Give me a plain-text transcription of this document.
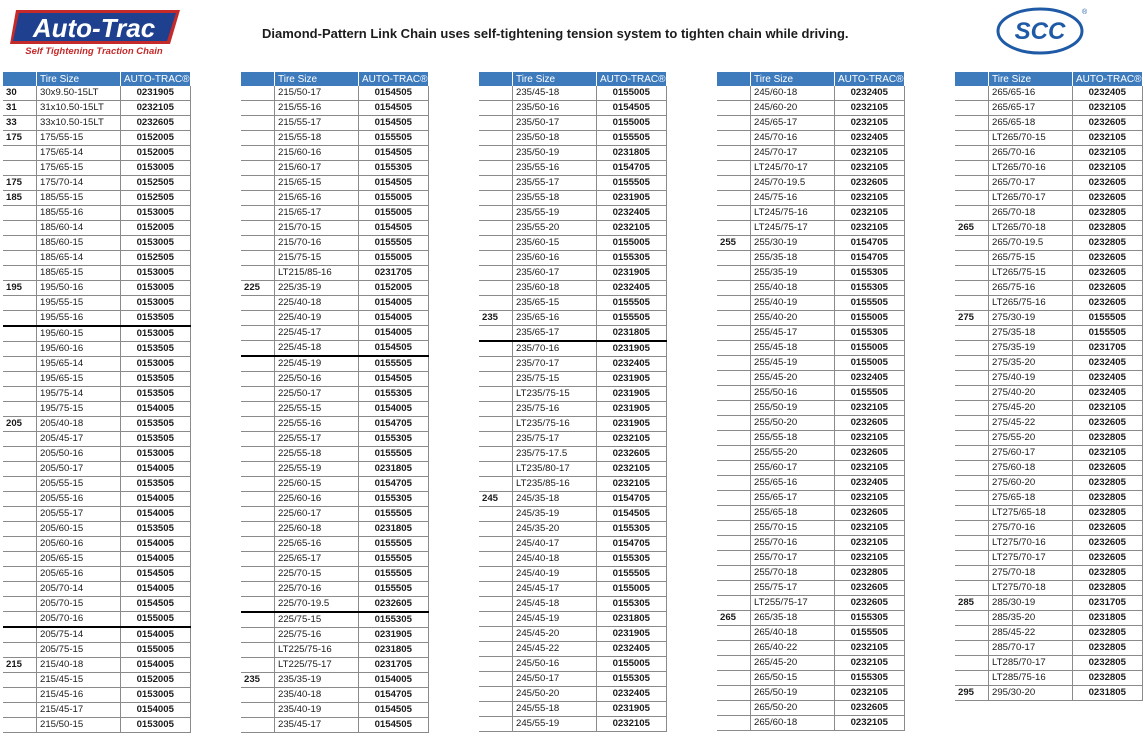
Auto-Trac
Self Tightening Traction Chain
Diamond-Pattern Link Chain uses self-tightening tension system to tighten chain while driving.	SCC
®
	Tire Size	AUTO-TRAC®
30	30x9.50-15LT	0231905
31	31x10.50-15LT	0232105
33	33x10.50-15LT	0232605
175	175/55-15	0152005
	175/65-14	0152005
	175/65-15	0153005
175	175/70-14	0152505
185	185/55-15	0152505
	185/55-16	0153005
	185/60-14	0152005
	185/60-15	0153005
	185/65-14	0152505
	185/65-15	0153005
195	195/50-16	0153005
	195/55-15	0153005
	195/55-16	0153505
	195/60-15	0153005
	195/60-16	0153505
	195/65-14	0153005
	195/65-15	0153505
	195/75-14	0153505
	195/75-15	0154005
205	205/40-18	0153505
	205/45-17	0153505
	205/50-16	0153005
	205/50-17	0154005
	205/55-15	0153505
	205/55-16	0154005
	205/55-17	0154005
	205/60-15	0153505
	205/60-16	0154005
	205/65-15	0154005
	205/65-16	0154505
	205/70-14	0154005
	205/70-15	0154505
	205/70-16	0155005
	205/75-14	0154005
	205/75-15	0155005
215	215/40-18	0154005
	215/45-15	0152005
	215/45-16	0153005
	215/45-17	0154005
	215/50-15	0153005
	Tire Size	AUTO-TRAC®
	215/50-17	0154505
	215/55-16	0154505
	215/55-17	0154505
	215/55-18	0155505
	215/60-16	0154505
	215/60-17	0155305
	215/65-15	0154505
	215/65-16	0155005
	215/65-17	0155005
	215/70-15	0154505
	215/70-16	0155505
	215/75-15	0155005
	LT215/85-16	0231705
225	225/35-19	0152005
	225/40-18	0154005
	225/40-19	0154005
	225/45-17	0154005
	225/45-18	0154505
	225/45-19	0155505
	225/50-16	0154505
	225/50-17	0155305
	225/55-15	0154005
	225/55-16	0154705
	225/55-17	0155305
	225/55-18	0155505
	225/55-19	0231805
	225/60-15	0154705
	225/60-16	0155305
	225/60-17	0155505
	225/60-18	0231805
	225/65-16	0155505
	225/65-17	0155505
	225/70-15	0155505
	225/70-16	0155505
	225/70-19.5	0232605
	225/75-15	0155305
	225/75-16	0231905
	LT225/75-16	0231805
	LT225/75-17	0231705
235	235/35-19	0154005
	235/40-18	0154705
	235/40-19	0154505
	235/45-17	0154505
	Tire Size	AUTO-TRAC®
	235/45-18	0155005
	235/50-16	0154505
	235/50-17	0155005
	235/50-18	0155505
	235/50-19	0231805
	235/55-16	0154705
	235/55-17	0155505
	235/55-18	0231905
	235/55-19	0232405
	235/55-20	0232105
	235/60-15	0155005
	235/60-16	0155305
	235/60-17	0231905
	235/60-18	0232405
	235/65-15	0155505
235	235/65-16	0155505
	235/65-17	0231805
	235/70-16	0231905
	235/70-17	0232405
	235/75-15	0231905
	LT235/75-15	0231905
	235/75-16	0231905
	LT235/75-16	0231905
	235/75-17	0232105
	235/75-17.5	0232605
	LT235/80-17	0232105
	LT235/85-16	0232105
245	245/35-18	0154705
	245/35-19	0154505
	245/35-20	0155305
	245/40-17	0154705
	245/40-18	0155305
	245/40-19	0155505
	245/45-17	0155005
	245/45-18	0155305
	245/45-19	0231805
	245/45-20	0231905
	245/45-22	0232405
	245/50-16	0155005
	245/50-17	0155305
	245/50-20	0232405
	245/55-18	0231905
	245/55-19	0232105
	Tire Size	AUTO-TRAC®
	245/60-18	0232405
	245/60-20	0232105
	245/65-17	0232105
	245/70-16	0232405
	245/70-17	0232105
	LT245/70-17	0232105
	245/70-19.5	0232605
	245/75-16	0232105
	LT245/75-16	0232105
	LT245/75-17	0232105
255	255/30-19	0154705
	255/35-18	0154705
	255/35-19	0155305
	255/40-18	0155305
	255/40-19	0155505
	255/40-20	0155005
	255/45-17	0155305
	255/45-18	0155005
	255/45-19	0155005
	255/45-20	0232405
	255/50-16	0155505
	255/50-19	0232105
	255/50-20	0232605
	255/55-18	0232105
	255/55-20	0232605
	255/60-17	0232105
	255/65-16	0232405
	255/65-17	0232105
	255/65-18	0232605
	255/70-15	0232105
	255/70-16	0232105
	255/70-17	0232105
	255/70-18	0232805
	255/75-17	0232605
	LT255/75-17	0232605
265	265/35-18	0155305
	265/40-18	0155505
	265/40-22	0232105
	265/45-20	0232105
	265/50-15	0155305
	265/50-19	0232105
	265/50-20	0232605
	265/60-18	0232105
	Tire Size	AUTO-TRAC®
	265/65-16	0232405
	265/65-17	0232105
	265/65-18	0232605
	LT265/70-15	0232105
	265/70-16	0232105
	LT265/70-16	0232105
	265/70-17	0232605
	LT265/70-17	0232605
	265/70-18	0232805
265	LT265/70-18	0232805
	265/70-19.5	0232805
	265/75-15	0232605
	LT265/75-15	0232605
	265/75-16	0232605
	LT265/75-16	0232605
275	275/30-19	0155505
	275/35-18	0155505
	275/35-19	0231705
	275/35-20	0232405
	275/40-19	0232405
	275/40-20	0232405
	275/45-20	0232105
	275/45-22	0232605
	275/55-20	0232805
	275/60-17	0232105
	275/60-18	0232605
	275/60-20	0232805
	275/65-18	0232805
	LT275/65-18	0232805
	275/70-16	0232605
	LT275/70-16	0232605
	LT275/70-17	0232605
	275/70-18	0232805
	LT275/70-18	0232805
285	285/30-19	0231705
	285/35-20	0231805
	285/45-22	0232805
	285/70-17	0232805
	LT285/70-17	0232805
	LT285/75-16	0232805
295	295/30-20	0231805
